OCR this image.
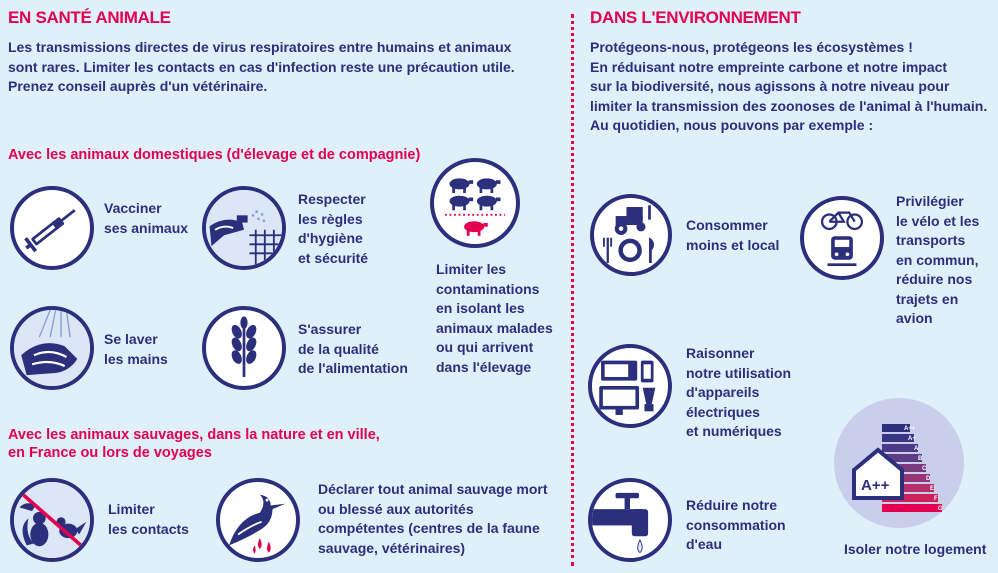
EN SANTÉ ANIMALE
Les transmissions directes de virus respiratoires entre humains et animaux
sont rares. Limiter les contacts en cas d'infection reste une précaution utile.
Prenez conseil auprès d'un vétérinaire.
Avec les animaux domestiques (d'élevage et de compagnie)
Vacciner
ses animaux
Respecter
les règles
d'hygiène
et sécurité
Limiter les
contaminations
en isolant les
animaux malades
ou qui arrivent
dans l'élevage
Se laver
les mains
S'assurer
de la qualité
de l'alimentation
Avec les animaux sauvages, dans la nature et en ville,
en France ou lors de voyages
Limiter
les contacts
Déclarer tout animal sauvage mort
ou blessé aux autorités
compétentes (centres de la faune
sauvage, vétérinaires)
DANS L'ENVIRONNEMENT
Protégeons-nous, protégeons les écosystèmes !
En réduisant notre empreinte carbone et notre impact
sur la biodiversité, nous agissons à notre niveau pour
limiter la transmission des zoonoses de l'animal à l'humain.
Au quotidien, nous pouvons par exemple :
Consommer
moins et local
Privilégier
le vélo et les
transports
en commun,
réduire nos
trajets en avion
Raisonner
notre utilisation
d'appareils
électriques
et numériques	A++
A+
A
B
C
D
E
F
G
A++
Isoler notre logement
Réduire notre
consommation
d'eau
